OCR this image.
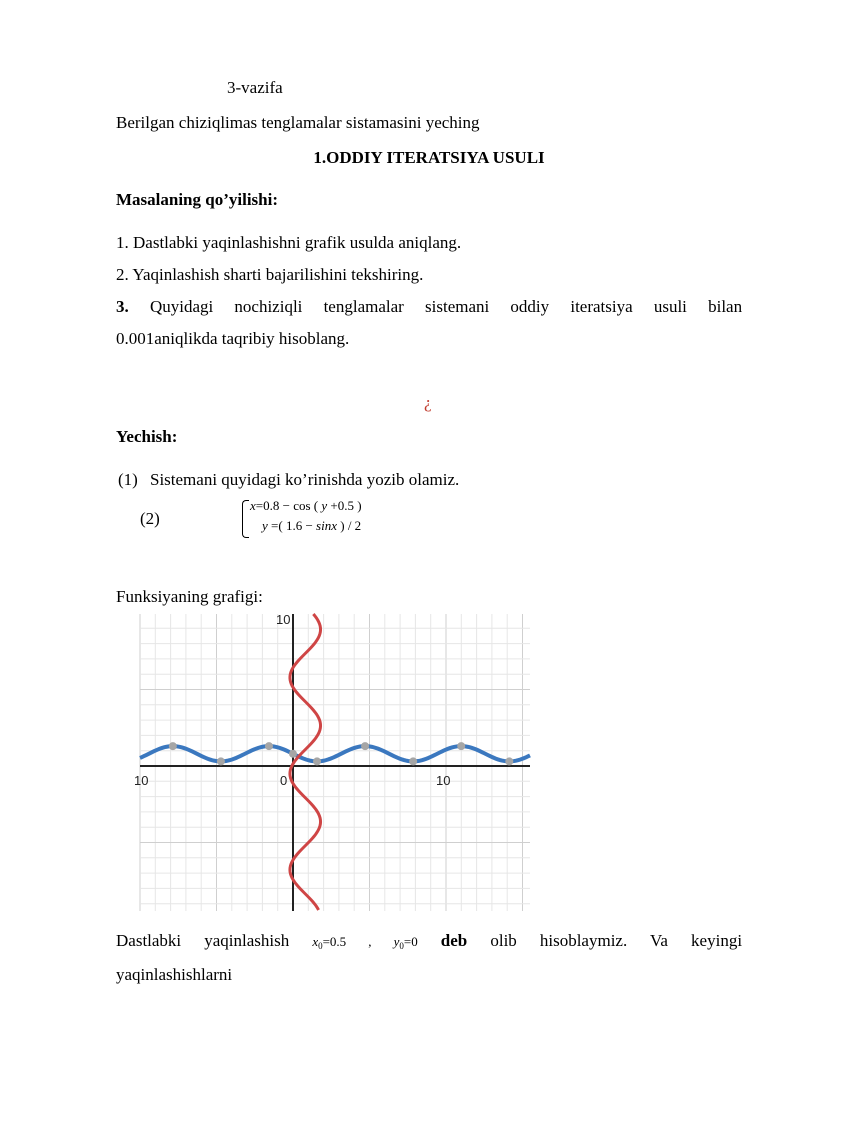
3-vazifa
Berilgan chiziqlimas tenglamalar sistamasini yeching
1.ODDIY ITERATSIYA USULI
Masalaning qo’yilishi:
1. Dastlabki yaqinlashishni grafik usulda aniqlang.
2. Yaqinlashish sharti bajarilishini tekshiring.
3. Quyidagi nochiziqli tenglamalar sistemani oddiy iteratsiya usuli bilan
0.001aniqlikda taqribiy hisoblang.
¿
Yechish:
(1) Sistemani quyidagi ko’rinishda yozib olamiz.
(2)
x=0.8 − cos ( y +0.5 )
y =( 1.6 − sinx ) / 2
Funksiyaning grafigi:
10	0	10
10
Dastlabki yaqinlashish $x_0=0.5$ , $y_0=0$ deb olib hisoblaymiz. Va keyingi
yaqinlashishlarni
